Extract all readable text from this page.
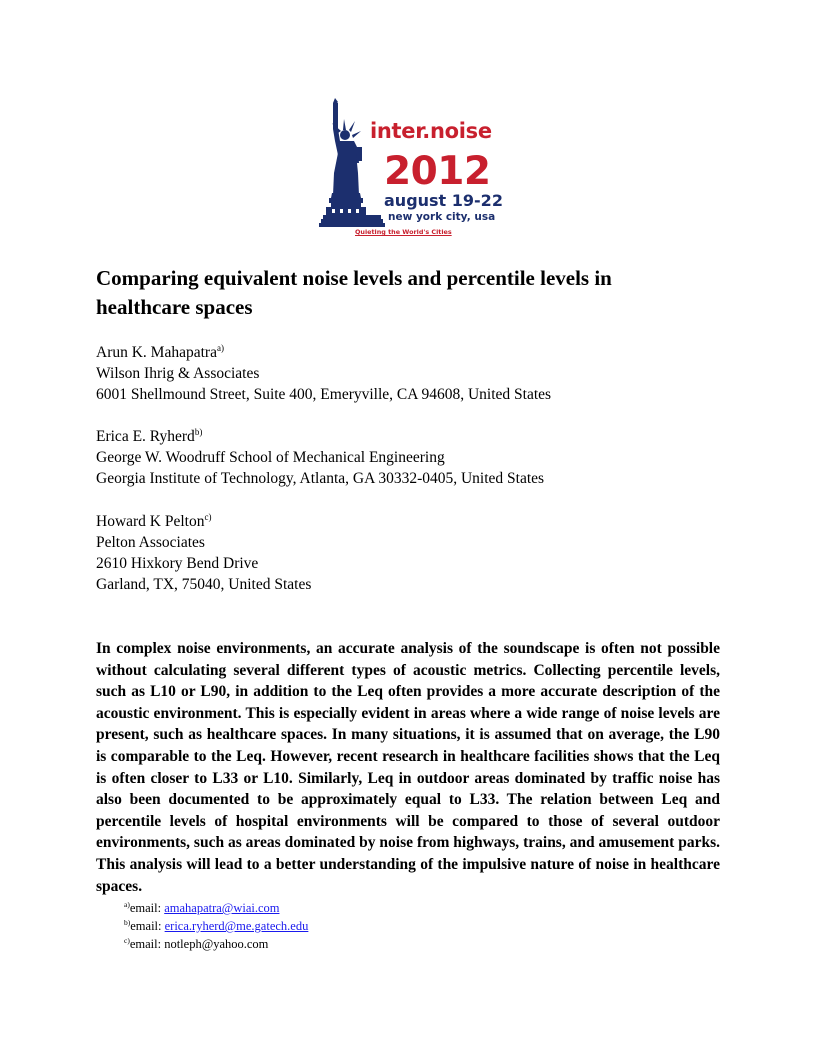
inter.noise
2012
august 19-22
new york city, usa
Quieting the World's Cities
Comparing equivalent noise levels and percentile levels in healthcare spaces
Arun K. Mahapatra$^{a)}$
Wilson Ihrig & Associates
6001 Shellmound Street, Suite 400, Emeryville, CA 94608, United States
Erica E. Ryherd$^{b)}$
George W. Woodruff School of Mechanical Engineering
Georgia Institute of Technology, Atlanta, GA 30332-0405, United States
Howard K Pelton$^{c)}$
Pelton Associates
2610 Hixkory Bend Drive
Garland, TX, 75040, United States

In complex noise environments, an accurate analysis of the soundscape is often not possible without calculating several different types of acoustic metrics. Collecting percentile levels, such as L10 or L90, in addition to the Leq often provides a more accurate description of the acoustic environment. This is especially evident in areas where a wide range of noise levels are present, such as healthcare spaces. In many situations, it is assumed that on average, the L90 is comparable to the Leq. However, recent research in healthcare facilities shows that the Leq is often closer to L33 or L10. Similarly, Leq in outdoor areas dominated by traffic noise has also been documented to be approximately equal to L33. The relation between Leq and percentile levels of hospital environments will be compared to those of several outdoor environments, such as areas dominated by noise from highways, trains, and amusement parks. This analysis will lead to a better understanding of the impulsive nature of noise in healthcare spaces.

$^{a)}$email: amahapatra@wiai.com
$^{b)}$email: erica.ryherd@me.gatech.edu
$^{c)}$email: notleph@yahoo.com
